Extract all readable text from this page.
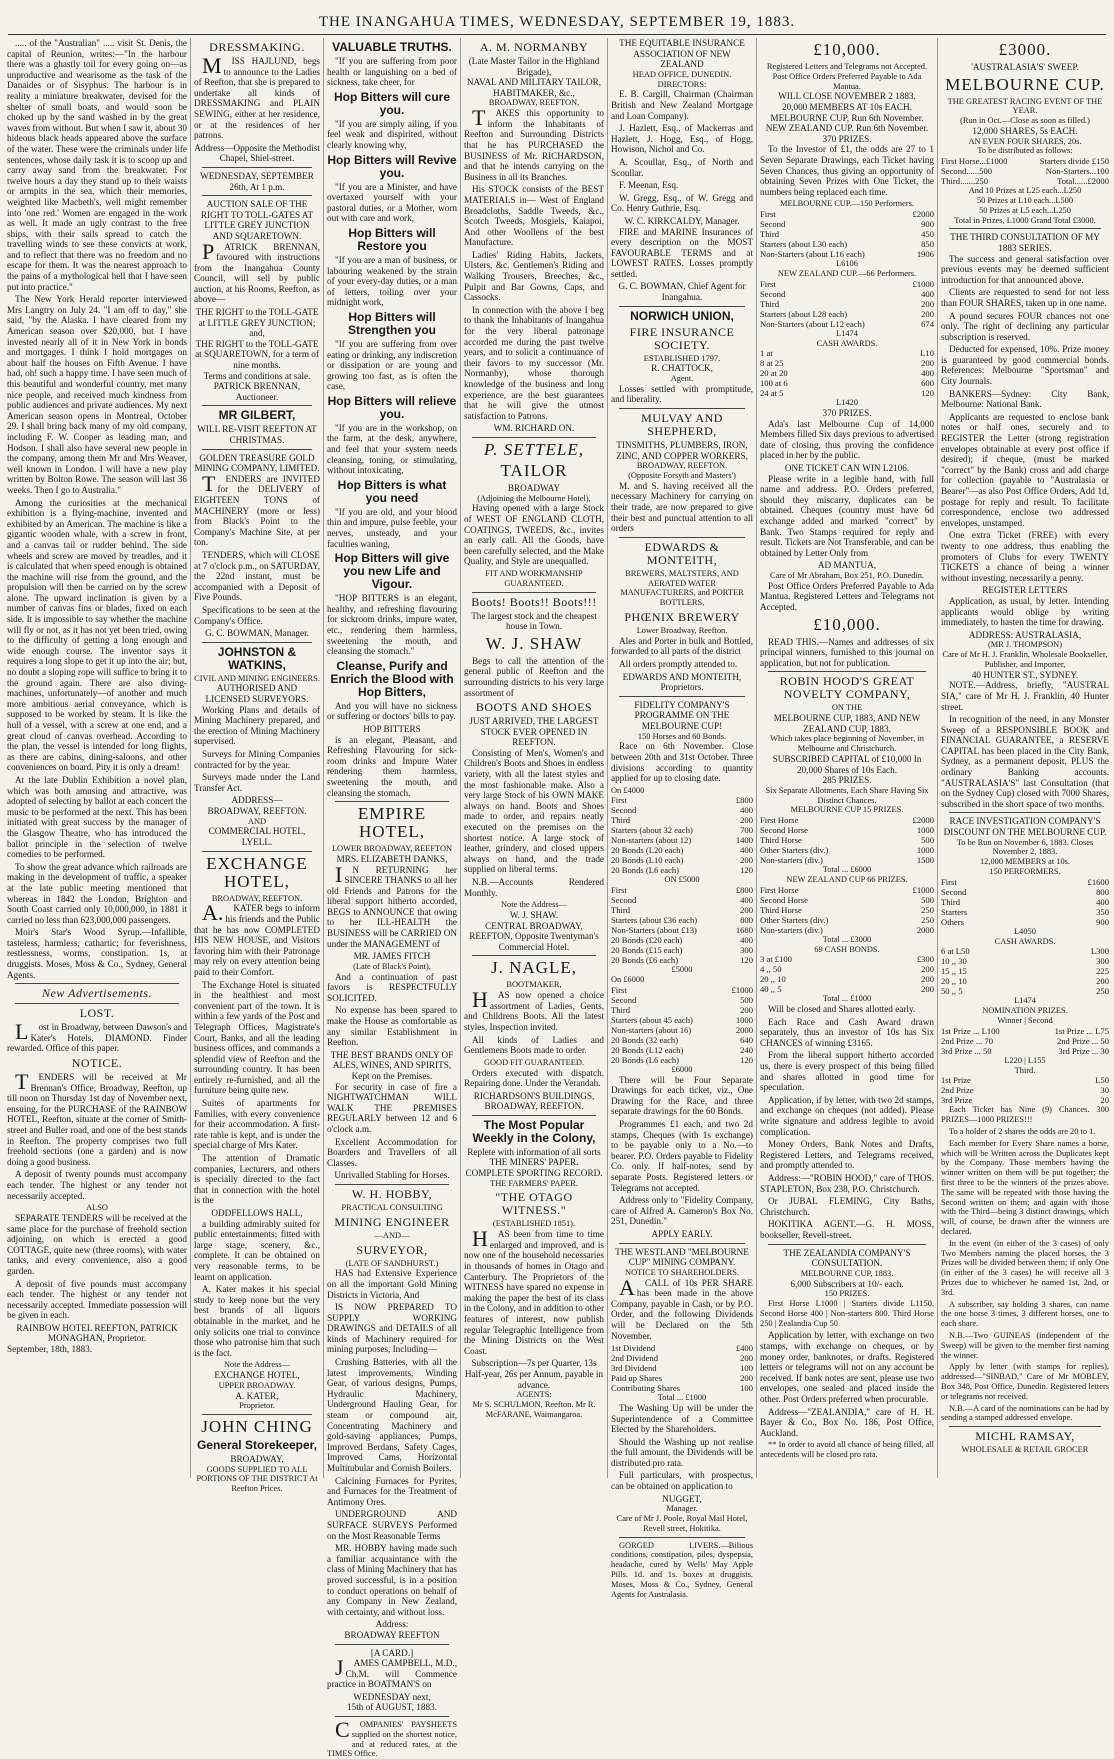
THE INANGAHUA TIMES, WEDNESDAY, SEPTEMBER 19, 1883.

..... of the "Australian" ..... visit St. Denis, the capital of Reunion, writes:—"In the harbour there was a ghastly toil for every going on—as unproductive and wearisome as the task of the Danaides or of Sisyphus. The harbour is in reality a miniature breakwater, devised for the shelter of small boats, and would soon be choked up by the sand washed in by the great waves from without. But when I saw it, about 30 hideous black heads appeared above the surface of the water. These were the criminals under life sentences, whose daily task it is to scoop up and carry away sand from the breakwater. For twelve hours a day they stand up to their waists or armpits in the sea, which their memories, weighted like Macbeth's, well might remember into 'one red.' Women are engaged in the work as well. It made an ugly contrast to the free ships, with their sails spread to catch the travelling winds to see these convicts at work, and to reflect that there was no freedom and no escape for them. It was the nearest approach to the pains of a mythological hell that I have seen put into practice."

The New York Herald reporter interviewed Mrs Langtry on July 24. "I am off to day," she said, "by the Alaska. I have cleared from my American season over $20,000, but I have invested nearly all of it in New York in bonds and mortgages. I think I hold mortgages on about half the houses on Fifth Avenue. I have had, oh! such a happy time. I have seen much of this beautiful and wonderful country, met many nice people, and received much kindness from public audiences and private audiences. My next American season opens in Montreal, October 29. I shall bring back many of my old company, including F. W. Cooper as leading man, and Hodson. I shall also have several new people in the company, among them Mr and Mrs Weaver, well known in London. I will have a new play written by Bolton Rowe. The season will last 36 weeks. Then I go to Australia."

Among the curiosities at the mechanical exhibition is a flying-machine, invented and exhibited by an American. The machine is like a gigantic wooden whale, with a screw in front, and a canvas tail or rudder behind. The side wheels and screw are moved by treadles, and it is calculated that when speed enough is obtained the machine will rise from the ground, and the propulsion will then be carried on by the screw alone. The upward inclination is given by a number of canvas fins or blades, fixed on each side. It is impossible to say whether the machine will fly or not, as it has not yet been tried, owing to the difficulty of getting a long enough and wide enough course. The inventor says it requires a long slope to get it up into the air; but, no doubt a sloping rope will suffice to bring it to the ground again. There are also diving-machines, unfortunately—of another and much more ambitious aerial conveyance, which is supposed to be worked by steam. It is like the hull of a vessel, with a screw at one end, and a great cloud of canvas overhead. According to the plan, the vessel is intended for long flights, as there are cabins, dining-saloons, and other conveniences on board. Pity it is only a dream!

At the late Dublin Exhibition a novel plan, which was both amusing and attractive, was adopted of selecting by ballot at each concert the music to be performed at the next. This has been initiated with great success by the manager of the Glasgow Theatre, who has introduced the ballot principle in the selection of twelve comedies to be performed.

To show the great advance which railroads are making in the development of traffic, a speaker at the late public meeting mentioned that whereas in 1842 the London, Brighton and South Coast carried only 10,000,000, in 1881 it carried no less than 623,000,000 passengers.

Moir's Star's Wood Syrup.—Infallible, tasteless, harmless, cathartic; for feverishness, restlessness, worms, constipation. 1s, at druggists. Moses, Moss & Co., Sydney, General Agents.

New Advertisements.
LOST.

Lost in Broadway, between Dawson's and Kater's Hotels, DIAMOND. Finder rewarded. Office of this paper.

NOTICE.

TENDERS will be received at Mr Brennan's Office, Broadway, Reefton, up till noon on Thursday 1st day of November next, ensuing, for the PURCHASE of the RAINBOW HOTEL, Reefton, situate at the corner of Smith-street and Buller road, and one of the best stands in Reefton. The property comprises two full freehold sections (one a garden) and is now doing a good business.

A deposit of twenty pounds must accompany each tender. The highest or any tender not necessarily accepted.

ALSO

SEPARATE TENDERS will be received at the same place for the purchase of freehold section adjoining, on which is erected a good COTTAGE, quite new (three rooms), with water tanks, and every convenience, also a good garden.

A deposit of five pounds must accompany each tender. The highest or any tender not necessarily accepted. Immediate possession will be given in each.

RAINBOW HOTEL REEFTON, PATRICK MONAGHAN, Proprietor.
September, 18th, 1883.
DRESSMAKING.

MISS HAJLUND, begs to announce to the Ladies of Reefton, that she is prepared to undertake all kinds of DRESSMAKING and PLAIN SEWING, either at her residence, or at the residences of her patrons.

Address—Opposite the Methodist Chapel, Shiel-street.
WEDNESDAY, SEPTEMBER 26th, At 1 p.m.
AUCTION SALE OF THE RIGHT TO TOLL-GATES AT LITTLE GREY JUNCTION AND SQUARETOWN.

PATRICK BRENNAN, favoured with instructions from the Inangahua County Council, will sell by public auction, at his Rooms, Reefton, as above—

THE RIGHT to the TOLL-GATE at LITTLE GREY JUNCTION; and,
THE RIGHT to the TOLL-GATE at SQUARETOWN, for a term of nine months.
Terms and conditions at sale.
PATRICK BRENNAN, Auctioneer.
MR GILBERT,
WILL RE-VISIT REEFTON AT CHRISTMAS.
GOLDEN TREASURE GOLD MINING COMPANY, LIMITED.

TENDERS are INVITED for the DELIVERY of EIGHTEEN TONS of MACHINERY (more or less) from Black's Point to the Company's Machine Site, at per ton.

TENDERS, which will CLOSE at 7 o'clock p.m., on SATURDAY, the 22nd instant, must be accompanied with a Deposit of Five Pounds.

Specifications to be seen at the Company's Office.

G. C. BOWMAN, Manager.
JOHNSTON & WATKINS,
CIVIL AND MINING ENGINEERS.
AUTHORISED AND LICENSED SURVEYORS.

Working Plans and details of Mining Machinery prepared, and the erection of Mining Machinery supervised.

Surveys for Mining Companies contracted for by the year.

Surveys made under the Land Transfer Act.

ADDRESS—
BROADWAY, REEFTON.
AND
COMMERCIAL HOTEL, LYELL.
EXCHANGE HOTEL,
BROADWAY, REEFTON.

A.KATER begs to inform his friends and the Public that he has now COMPLETED HIS NEW HOUSE, and Visitors favoring him with their Patronage may rely on every attention being paid to their Comfort.

The Exchange Hotel is situated in the healthiest and most convenient part of the town. It is within a few yards of the Post and Telegraph Offices, Magistrate's Court, Banks, and all the leading business offices, and commands a splendid view of Reefton and the surrounding country. It has been entirely re-furnished, and all the furniture being quite new.

Suites of apartments for Families, with every convenience for their accommodation. A first-rate table is kept, and is under the special charge of Mrs Kater.

The attention of Dramatic companies, Lecturers, and others is specially directed to the fact that in connection with the hotel is the

ODDFELLOWS HALL,

a building admirably suited for public entertainments; fitted with large stage, scenery, &c., complete. It can be obtained on very reasonable terms, to be learnt on application.

A. Kater makes it his special study to keep none but the very best brands of all liquors obtainable in the market, and he only solicits one trial to convince those who patronise him that such is the fact.

Note the Address—
EXCHANGE HOTEL,
UPPER BROADWAY.
A. KATER,
Proprietor.
JOHN CHING
General Storekeeper,
BROADWAY.
GOODS SUPPLIED TO ALL PORTIONS OF THE DISTRICT At Reefton Prices.
VALUABLE TRUTHS.

"If you are suffering from poor health or languishing on a bed of sickness, take cheer, for

Hop Bitters will cure you.

"If you are simply ailing, if you feel weak and dispirited, without clearly knowing why,

Hop Bitters will Revive you.

"If you are a Minister, and have overtaxed yourself with your pastoral duties, or a Mother, worn out with care and work,

Hop Bitters will Restore you

"If you are a man of business, or labouring weakened by the strain of your every-day duties, or a man of letters, toiling over your midnight work,

Hop Bitters will Strengthen you

"If you are suffering from over eating or drinking, any indiscretion or dissipation or are young and growing too fast, as is often the case,

Hop Bitters will relieve you.

"If you are in the workshop, on the farm, at the desk, anywhere, and feel that your system needs cleansing, toning, or stimulating, without intoxicating,

Hop Bitters is what you need

"If you are old, and your blood thin and impure, pulse feeble, your nerves, unsteady, and your faculties waning,

Hop Bitters will give you new Life and Vigour.

"HOP BITTERS is an elegant, healthy, and refreshing flavouring for sickroom drinks, impure water, etc., rendering them harmless, sweetening the mouth, and cleansing the stomach."

Cleanse, Purify and Enrich the Blood with Hop Bitters,

And you will have no sickness or suffering or doctors' bills to pay.

HOP BITTERS

is an elegant, Pleasant, and Refreshing Flavouring for sick-room drinks and Impure Water rendering them harmless, sweetening the mouth, and cleansing the stomach.

EMPIRE HOTEL,
LOWER BROADWAY, REEFTON
MRS. ELIZABETH DANKS,

IN RETURNING her SINCERE THANKS to all her old Friends and Patrons for the liberal support hitherto accorded, BEGS to ANNOUNCE that owing to her ILL-HEALTH the BUSINESS will be CARRIED ON under the MANAGEMENT of

MR. JAMES FITCH
(Late of Black's Point),

And a continuation of past favors is RESPECTFULLY SOLICITED.

No expense has been spared to make the House as comfortable as any similar Establishment in Reefton.

THE BEST BRANDS ONLY OF ALES, WINES, AND SPIRITS, Kept on the Premises.

For security in case of fire a NIGHTWATCHMAN WILL WALK THE PREMISES REGULARLY between 12 and 6 o'clock a.m.

Excellent Accommodation for Boarders and Travellers of all Classes.

Unrivalled Stabling for Horses.
W. H. HOBBY,
PRACTICAL CONSULTING
MINING ENGINEER
—AND—
SURVEYOR,
(LATE OF SANDHURST.)

HAS had Extensive Experience on all the important Gold Mining Districts in Victoria, And

IS NOW PREPARED TO SUPPLY WORKING DRAWINGS and DETAILS of all kinds of Machinery required for mining purposes, Including—

Crushing Batteries, with all the latest improvements, Winding Gear, of various designs, Pumps, Hydraulic Machinery, Underground Hauling Gear, for steam or compound air, Concentrating Machinery and gold-saving appliances, Pumps, Improved Berdans, Safety Cages, Improved Cams, Horizontal Multitubular and Cornish Boilers.

Calcining Furnaces for Pyrites, and Furnaces for the Treatment of Antimony Ores.

UNDERGROUND AND SURFACE SURVEYS Performed on the Most Reasonable Terms

MR. HOBBY having made such a familiar acquaintance with the class of Mining Machinery that has proved successful, is in a position to conduct operations on behalf of any Company in New Zealand, with certainty, and without loss.

Address:
BROADWAY REEFTON
[A CARD.]

JAMES CAMPBELL, M.D., Ch.M. will Commence practice in BOATMAN'S on

WEDNESDAY next,
15th of AUGUST, 1883.

COMPANIES' PAYSHEETS supplied on the shortest notice, and at reduced rates, at the TIMES Office.

A. M. NORMANBY
(Late Master Tailor in the Highland Brigade),
NAVAL AND MILITARY TAILOR, HABITMAKER, &c.,
BROADWAY, REEFTON,

TAKES this opportunity to inform the Inhabitants of Reefton and Surrounding Districts that he has PURCHASED the BUSINESS of Mr. RICHARDSON, and that he intends carrying on the Business in all its Branches.

His STOCK consists of the BEST MATERIALS in— West of England Broadcloths, Saddle Tweeds, &c., Scotch Tweeds, Mosgiels, Kaiapoi, And other Woollens of the best Manufacture.

Ladies' Riding Habits, Jackets, Ulsters, &c. Gentlemen's Riding and Walking Trousers, Breeches, &c., Pulpit and Bar Gowns, Caps, and Cassocks.

In connection with the above I beg to thank the Inhabitants of Inangahua for the very liberal patronage accorded me during the past twelve years, and to solicit a continuance of their favors to my successor (Mr. Normanby), whose thorough knowledge of the business and long experience, are the best guarantees that he will give the utmost satisfaction to Patrons.

WM. RICHARD ON.
P. SETTELE,
TAILOR
BROADWAY
(Adjoining the Melbourne Hotel),

Having opened with a large Stock of WEST OF ENGLAND CLOTH, COATINGS, TWEEDS, &c., invites an early call. All the Goods, have been carefully selected, and the Make Quality, and Style are unequalled.

FIT AND WORKMANSHIP GUARANTEED.
Boots! Boots!! Boots!!!
The largest stock and the cheapest house in Town.
W. J. SHAW

Begs to call the attention of the general public of Reefton and the surrounding districts to his very large assortment of

BOOTS AND SHOES
JUST ARRIVED, THE LARGEST STOCK EVER OPENED IN REEFTON.

Consisting of Men's, Women's and Children's Boots and Shoes in endless variety, with all the latest styles and the most fashionable make. Also a very large Stock of his OWN MAKE always on hand. Boots and Shoes made to order, and repairs neatly executed on the premises on the shortest notice. A large stock of leather, grindery, and closed uppers always on hand, and the trade supplied on liberal terms.

N.B.—Accounts Rendered Monthly.

Note the Address—
W. J. SHAW.
CENTRAL BROADWAY, REEFTON, Opposite Twentyman's Commercial Hotel.
J. NAGLE,
BOOTMAKER,

HAS now opened a choice assortment of Ladies, Gents, and Childrens Boots. All the latest styles, Inspection invited.

All kinds of Ladies and Gentlemens Boots made to order.

GOOD FIT GUARANTEED.

Orders executed with dispatch. Repairing done. Under the Verandah.

RICHARDSON'S BUILDINGS, BROADWAY, REEFTON.
The Most Popular Weekly in the Colony,
Replete with information of all sorts
THE MINERS' PAPER.
COMPLETE SPORTING RECORD.
THE FARMERS' PAPER.
"THE OTAGO WITNESS."
(ESTABLISHED 1851).

HAS been from time to time enlarged and improved, and is now one of the household necessaries in thousands of homes in Otago and Canterbury. The Proprietors of the WITNESS have spared no expense in making the paper the best of its class in the Colony, and in addition to other features of interest, now publish regular Telegraphic Intelligence from the Mining Districts on the West Coast.

Subscription—7s per Quarter, 13s Half-year, 26s per Annum, payable in advance.
AGENTS:
Mr S. SCHULMON, Reefton. Mr R. McFARANE, Waimangaroa.
THE EQUITABLE INSURANCE ASSOCIATION OF NEW ZEALAND
HEAD OFFICE, DUNEDIN.
DIRECTORS:

E. B. Cargill, Chairman (Chairman British and New Zealand Mortgage and Loan Company).

J. Hazlett, Esq., of Mackerras and Hazlett, J. Hogg, Esq., of Hogg, Howison, Nichol and Co.

A. Scoullar, Esq., of North and Scoullar.

F. Meenan, Esq.

W. Gregg, Esq., of W. Gregg and Co. Henry Guthrie, Esq.

W. C. KIRKCALDY, Manager.

FIRE and MARINE Insurances of every description on the MOST FAVOURABLE TERMS and at LOWEST RATES. Losses promptly settled.

G. C. BOWMAN, Chief Agent for Inangahua.
NORWICH UNION,
FIRE INSURANCE SOCIETY.
ESTABLISHED 1797.
R. CHATTOCK,
Agent.

Losses settled with promptitude, and liberality.

MULVAY AND SHEPHERD,
TINSMITHS, PLUMBERS, IRON, ZINC, AND COPPER WORKERS,
BROADWAY, REEFTON.
(Opposite Forsyth and Masters')

M. and S. having received all the necessary Machinery for carrying on their trade, are now prepared to give their best and punctual attention to all orders

EDWARDS & MONTEITH,
BREWERS, MALTSTERS, AND AERATED WATER MANUFACTURERS, and PORTER BOTTLERS,
PHŒNIX BREWERY
Lower Broadway, Reefton.

Ales and Porter in bulk and Bottled, forwarded to all parts of the district

All orders promptly attended to.

EDWARDS AND MONTEITH, Proprietors.
FIDELITY COMPANY'S PROGRAMME ON THE MELBOURNE CUP!
150 Horses and 60 Bonds.

Race on 6th November. Close between 20th and 31st October. Three divisions according to quantity applied for up to closing date.

On £4000
First	£800
Second	400
Third	200
Starters (about 32 each)	700
Non-starters (about 12)	1400
20 Bonds (L20 each)	400
20 Bonds (L10 each)	200
20 Bonds (L6 each)	120
ON £5000
First	£800
Second	400
Third	200
Starters (about £36 each)	800
Non-Starters (about £13)	1680
20 Bonds (£20 each)	400
20 Bonds (£15 each)	300
20 Bonds (£6 each)	120
£5000
On £6000
First	£1000
Second	500
Third	200
Starters (about 45 each)	1000
Non-starters (about 16)	2000
20 Bonds (32 each)	640
20 Bonds (L12 each)	240
20 Bonds (L6 each)	120
£6000

There will be Four Separate Drawings for each ticket, viz., One Drawing for the Race, and three separate drawings for the 60 Bonds.

Programmes £1 each, and two 2d stamps, Cheques (with 1s exchange) to be payable only to a No.—to bearer. P.O. Orders payable to Fidelity Co. only. If half-notes, send by separate Posts. Registered letters or Telegrams not accepted.

Address only to "Fidelity Company, care of Alfred A. Cameron's Box No. 251, Dunedin."

APPLY EARLY.
THE WESTLAND "MELBOURNE CUP" MINING COMPANY.
NOTICE TO SHAREHOLDERS.

ACALL of 10s PER SHARE has been made in the above Company, payable in Cash, or by P.O. Order, and the following Dividends will be Declared on the 5th November.

1st Dividend	£400
2nd Dividend	200
3rd Dividend	100
Paid up Shares	200
Contributing Shares	100
Total ... £1000

The Washing Up will be under the Superintendence of a Committee Elected by the Shareholders.

Should the Washing up not realise the full amount, the Dividends will be distributed pro rata.

Full particulars, with prospectus, can be obtained on application to

NUGGET,
Manager.
Care of Mr J. Poole, Royal Mail Hotel, Revell street, Hokitika.

GORGED LIVERS.—Bilious conditions, constipation, piles, dyspepsia, headache, cured by Wells' May Apple Pills. 1d. and 1s. boxes at druggists. Moses, Moss & Co., Sydney, General Agents for Australasia.

£10,000.
Registered Letters and Telegrams not Accepted.
Post Office Orders Preferred Payable to Ada Mantua.
WILL CLOSE NOVEMBER 2 1883.
20,000 MEMBERS AT 10s EACH.
MELBOURNE CUP, Run 6th November.
NEW ZEALAND CUP. Run 6th November.
370 PRIZES.

To the Investor of £1, the odds are 27 to 1 Seven Separate Drawings, each Ticket having Seven Chances, thus giving an opportunity of obtaining Seven Prizes with One Ticket, the numbers being replaced each time.

MELBOURNE CUP.—150 Performers.
First	£2000
Second	900
Third	450
Starters (about L30 each)	850
Non-Starters (about L16 each)	1906
L6106
NEW ZEALAND CUP.—66 Performers.
First	£1000
Second	400
Third	200
Starters (about L28 each)	200
Non-Starters (about L12 each)	674
L1474
CASH AWARDS.
1 at	L10
8 at 25	200
20 at 20	400
100 at 6	600
24 at 5	120
L1420
370 PRIZES.

Ada's last Melbourne Cup of 14,000 Members filled Six days previous to advertised date of closing, thus proving the confidence placed in her by the public.

ONE TICKET CAN WIN L2106.

Please write in a legible hand, with full name and address. P.O. Orders preferred, should they miscarry, duplicates can be obtained. Cheques (country must have 6d exchange added and marked "correct" by Bank. Two Stamps required for reply and result. Tickets are Not Transferable, and can be obtained by Letter Only from

AD MANTUA,
Care of Mr Abraham, Box 251, P.O. Dunedin.

Post Office Orders Preferred Payable to Ada Mantua. Registered Letters and Telegrams not Accepted.

£10,000.

READ THIS.—Names and addresses of six principal winners, furnished to this journal on application, but not for publication.

ROBIN HOOD'S GREAT NOVELTY COMPANY,
ON THE
MELBOURNE CUP, 1883, AND NEW ZEALAND CUP, 1883.
Which takes place beginning of November, in Melbourne and Christchurch.
SUBSCRIBED CAPITAL of £10,000 In 20,000 Shares of 10s Each.
285 PRIZES.
Six Separate Allotments, Each Share Having Six Distinct Chances.
MELBOURNE CUP 15 PRIZES.
First Horse	£2000
Second Horse	1000
Third Horse	500
Other Starters (div.)	1000
Non-starters (div.)	1500
Total ... £6000
NEW ZEALAND CUP 66 PRIZES.
First Horse	£1000
Second Horse	500
Third Horse	250
Other Starters (div.)	250
Non-starters (div.)	2000
Total ... £3000
69 CASH BONDS.
3 at £100	£300
4 ,, 50	200
20 ,, 10	200
40 ,, 5	200
Total ... £1000

Will be closed and Shares allotted early.

Each Race and Cash Award drawn separately, thus an investor of 10s has Six CHANCES of winning £3165.

From the liberal support hitherto accorded us, there is every prospect of this being filled and shares allotted in good time for speculation.

Application, if by letter, with two 2d stamps, and exchange on cheques (not added). Please write signature and address legible to avoid complication.

Money Orders, Bank Notes and Drafts, Registered Letters, and Telegrams received, and promptly attended to.

Address:—"ROBIN HOOD," care of THOS. STAPLETON, Box 238, P.O. Christchurch.

Or JUBAL FLEMING, City Baths, Christchurch.

HOKITIKA AGENT.—G. H. MOSS, bookseller, Revell-street.

THE ZEALANDIA COMPANY'S CONSULTATION.
MELBOURNE CUP, 1883.
6,000 Subscribers at 10/- each.
150 PRIZES.

First Horse L1000 | Starters divide L1150. Second Horse 400 | Non-starters 800. Third Horse 250 | Zealandia Cup 50

Application by letter, with exchange on two stamps, with exchange on cheques, or by money order, banknotes, or drafts. Registered letters or telegrams will not on any account be received. If bank notes are sent, please use two envelopes, one sealed and placed inside the other. Post Orders preferred when procurable.

Address—"ZEALANDIA," care of H. H. Bayer & Co., Box No. 186, Post Office, Auckland.

** In order to avoid all chance of being filled, all antecedents will be closed pro rata.

£3000.
'AUSTRALASIA'S' SWEEP.
MELBOURNE CUP.
THE GREATEST RACING EVENT OF THE YEAR.
(Run in Oct.—Close as soon as filled.)
12,000 SHARES, 5s EACH.
AN EVEN FOUR SHARES, 20s.
To be distributed as follows:
First Horse...£1000	Starters divide £150
Second......500	Non-Starters...100
Third.......250	Total......£2000
And 10 Prizes at L25 each...L250
50 Prizes at L10 each...L500
50 Prizes at L5 each...L250
Total in Prizes, L1000 Grand Total £3000.
THE THIRD CONSULTATION OF MY 1883 SERIES.

The success and general satisfaction over previous events may be deemed sufficient introduction for that announced above.

Clients are requested to send for not less than FOUR SHARES, taken up in one name.

A pound secures FOUR chances not one only. The right of declining any particular subscription is reserved.

Deducted for expensed, 10%. Prize money is guaranteed by good commercial bonds. References: Melbourne "Sportsman" and City Journals.

BANKERS—Sydney: City Bank, Melbourne: National Bank.

Applicants are requested to enclose bank notes or half ones, securely and to REGISTER the Letter (strong registration envelopes obtainable at every post office if desired); if cheque, (must be marked "correct" by the Bank) cross and add charge for collection (payable to "Australasia or Bearer"—as also Post Office Orders, Add 1d, postage for reply and result. To facilitate correspondence, enclose two addressed envelopes, unstamped.

One extra Ticket (FREE) with every twenty to one address, thus enabling the promoters of Clubs for every TWENTY TICKETS a chance of being a winner without investing, necessarily a penny.

REGISTER LETTERS

Application, as usual, by letter. Intending applicants would oblige by writing immediately, to hasten the time for drawing.

ADDRESS: AUSTRALASIA,
(MR J. THOMPSON)
Care of Mr H. J. Franklin, Wholesale Bookseller, Publisher, and Importer,
40 HUNTER ST., SYDNEY.

NOTE.—Address, briefly, "AUSTRAL SIA," care of Mr H. J. Franklin, 40 Hunter street.

In recognition of the need, in any Monster Sweep of a RESPONSIBLE BOOK and FINANCIAL GUARANTEE, a RESERVE CAPITAL has been placed in the City Bank, Sydney, as a permanent deposit, PLUS the ordinary Banking accounts. "AUSTRALASIA'S" last Consultation (that on the Sydney Cup) closed with 7000 Shares, subscribed in the short space of two months.

RACE INVESTIGATION COMPANY'S DISCOUNT ON THE MELBOURNE CUP.
To be Run on November 6, 1883. Closes November 2, 1883.
12,000 MEMBERS at 10s.
150 PERFORMERS.
First	£1600
Second	800
Third	400
Starters	350
Others	900
L4050
CASH AWARDS.
6 at L50	L300
10 ,, 30	300
15 ,, 15	225
20 ,, 10	200
50 ,, 5	250
L1474
NOMINATION PRIZES.
Winner | Second
1st Prize ... L100	1st Prize ... L75
2nd Prize ... 70	2nd Prize ... 50
3rd Prize ... 50	3rd Prize ... 30
L220 | L155
Third.
1st Prize	L50
2nd Prize	30
3rd Prize	20

Each Ticket has Nine (9) Chances. 300 PRIZES—1000 PRIZES!!!

To a holder of 2 shares the odds are 20 to 1.

Each member for Every Share names a horse, which will be Written across the Duplicates kept by the Company. Those members having the winner written on them will be put together; the first three to be the winners of the prizes above. The same will be repeated with those having the Second written on them; and again with those with the Third—being 3 distinct drawings, which will, of course, be drawn after the winners are declared.

In the event (in either of the 3 cases) of only Two Members naming the placed horses, the 3 Prizes will be divided between them; if only One (in either of the 3 cases) he will receive all 3 Prizes due to whichever he named 1st, 2nd, or 3rd.

A subscriber, say holding 3 shares, can name the one horse 3 times, 3 different horses, one to each share.

N.B.—Two GUINEAS (independent of the Sweep) will be given to the member first naming the winner.

Apply by letter (with stamps for replies), addressed—"SINBAD," Care of Mr MOBLEY, Box 348, Post Office, Dunedin. Registered letters or telegrams not received.

N.B.—A card of the nominations can be had by sending a stamped addressed envelope.

MICHL RAMSAY,
WHOLESALE & RETAIL GROCER
